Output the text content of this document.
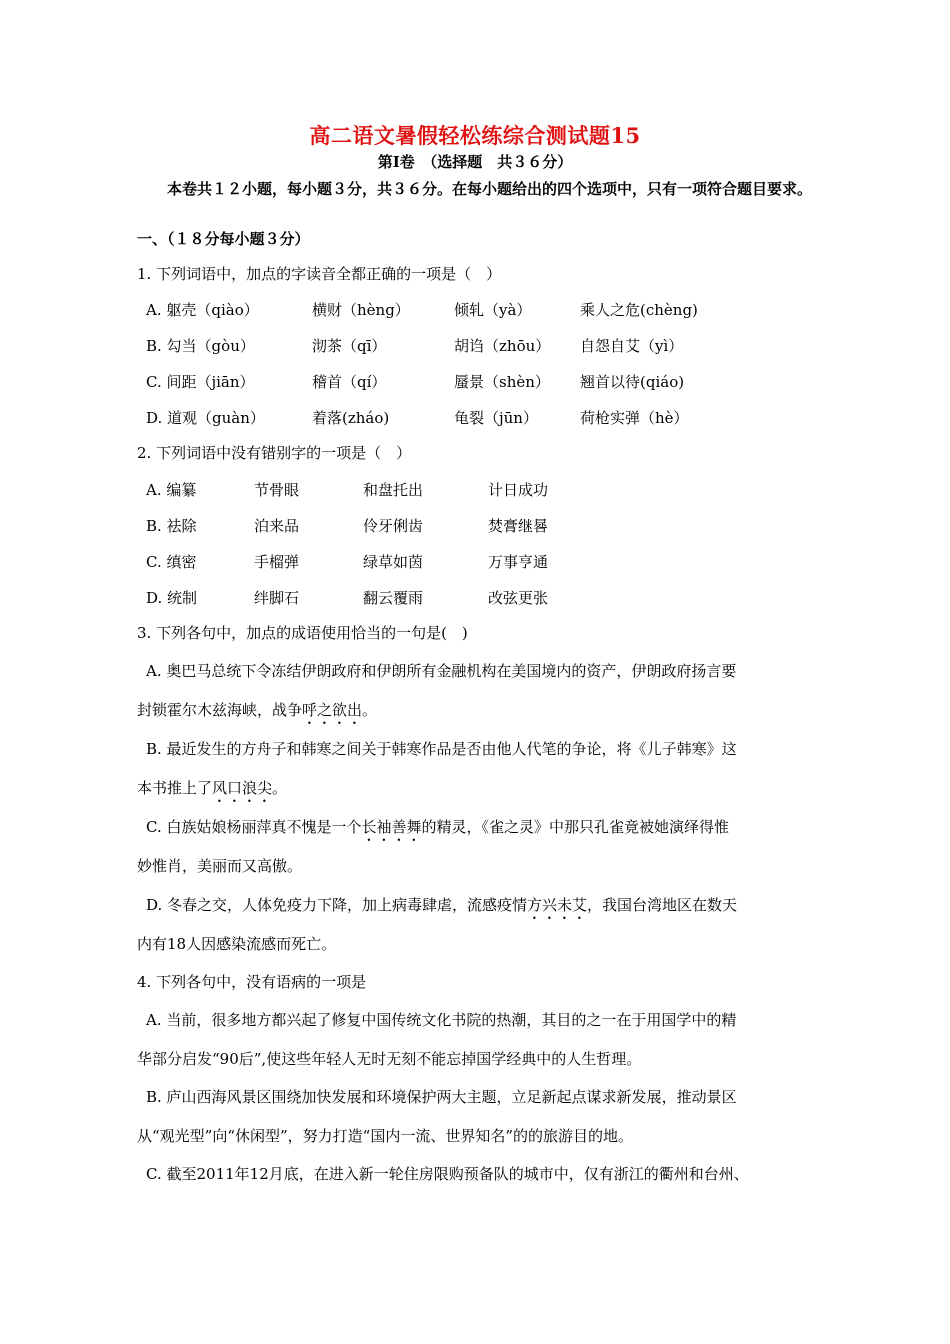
高二语文暑假轻松练综合测试题15
第Ⅰ卷　（选择题　共３６分）
本卷共１２小题，每小题３分，共３６分。在每小题给出的四个选项中，只有一项符合题目要求。
一、（１８分每小题３分）
1. 下列词语中，加点的字读音全都正确的一项是（　）
A. 躯壳（qiào）	横财（hèng）	倾轧（yà）	乘人之危(chèng)
B. 勾当（gòu）	沏茶（qī）	胡诌（zhōu） 自怨自艾（yì）
C. 间距（jiān）	稽首（qí）	蜃景（shèn） 翘首以待(qiáo)
D. 道观（guàn）	着落(zháo)	龟裂（jūn）	荷枪实弹（hè）
2. 下列词语中没有错别字的一项是（　）
A. 编纂	节骨眼	和盘托出	计日成功
B. 祛除	泊来品	伶牙俐齿	焚膏继晷
C. 缜密	手榴弹	绿草如茵	万事亨通
D. 统制	绊脚石	翻云覆雨	改弦更张
3. 下列各句中，加点的成语使用恰当的一句是(　)
A. 奥巴马总统下令冻结伊朗政府和伊朗所有金融机构在美国境内的资产，伊朗政府扬言要
封锁霍尔木兹海峡，战争呼之欲出。
B. 最近发生的方舟子和韩寒之间关于韩寒作品是否由他人代笔的争论，将《儿子韩寒》这
本书推上了风口浪尖。
C. 白族姑娘杨丽萍真不愧是一个长袖善舞的精灵，《雀之灵》中那只孔雀竟被她演绎得惟
妙惟肖，美丽而又高傲。
D. 冬春之交，人体免疫力下降，加上病毒肆虐，流感疫情方兴未艾，我国台湾地区在数天
内有18人因感染流感而死亡。
4. 下列各句中，没有语病的一项是
A. 当前，很多地方都兴起了修复中国传统文化书院的热潮，其目的之一在于用国学中的精
华部分启发“90后”,使这些年轻人无时无刻不能忘掉国学经典中的人生哲理。
B. 庐山西海风景区围绕加快发展和环境保护两大主题，立足新起点谋求新发展，推动景区
从“观光型”向“休闲型”，努力打造“国内一流、世界知名”的的旅游目的地。
C. 截至2011年12月底，在进入新一轮住房限购预备队的城市中，仅有浙江的衢州和台州、
